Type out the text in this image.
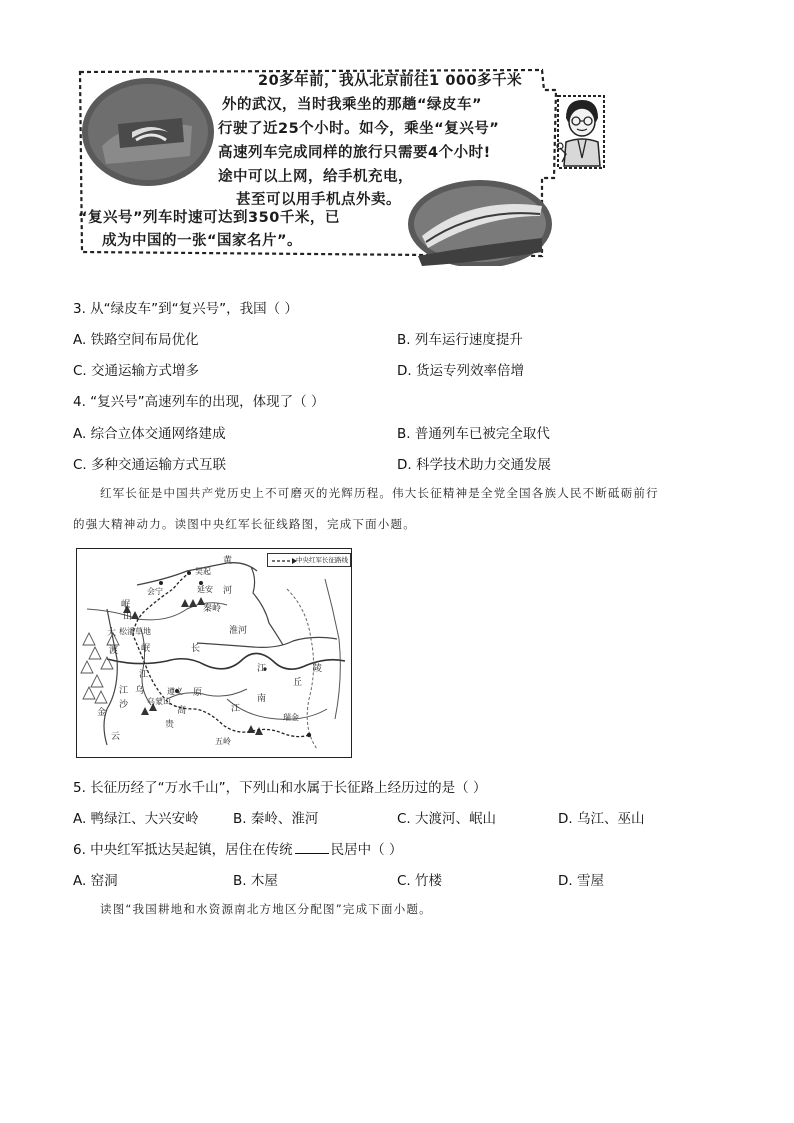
20多年前，我从北京前往1 000多千米
外的武汉，当时我乘坐的那趟“绿皮车”
行驶了近25个小时。如今，乘坐“复兴号”
高速列车完成同样的旅行只需要4个小时!
途中可以上网，给手机充电，
甚至可以用手机点外卖。
“复兴号”列车时速可达到350千米，已
成为中国的一张“国家名片”。
3. 从“绿皮车”到“复兴号”，我国（ ）
A. 铁路空间布局优化	B. 列车运行速度提升
C. 交通运输方式增多	D. 货运专列效率倍增
4. “复兴号”高速列车的出现，体现了（ ）
A. 综合立体交通网络建成	B. 普通列车已被完全取代
C. 多种交通运输方式互联	D. 科学技术助力交通发展
红军长征是中国共产党历史上不可磨灭的光辉历程。伟大长征精神是全党全国各族人民不断砥砺前行
的强大精神动力。读图中央红军长征线路图，完成下面小题。
中央红军长征路线
吴起
延安
会宁
黄
河
秦岭
岷
山
松潘草地
大
渡	岷
江
淮河
长
江
丘
陵
南
金
沙
江 乌
乌蒙山
遵义 原
高
贵
江
瑞金
五岭
云
5. 长征历经了“万水千山”，下列山和水属于长征路上经历过的是（ ）
A. 鸭绿江、大兴安岭	B. 秦岭、淮河	C. 大渡河、岷山	D. 乌江、巫山
6. 中央红军抵达吴起镇，居住在传统	民居中（ ）
A. 窑洞	B. 木屋	C. 竹楼	D. 雪屋
读图“我国耕地和水资源南北方地区分配图”完成下面小题。
